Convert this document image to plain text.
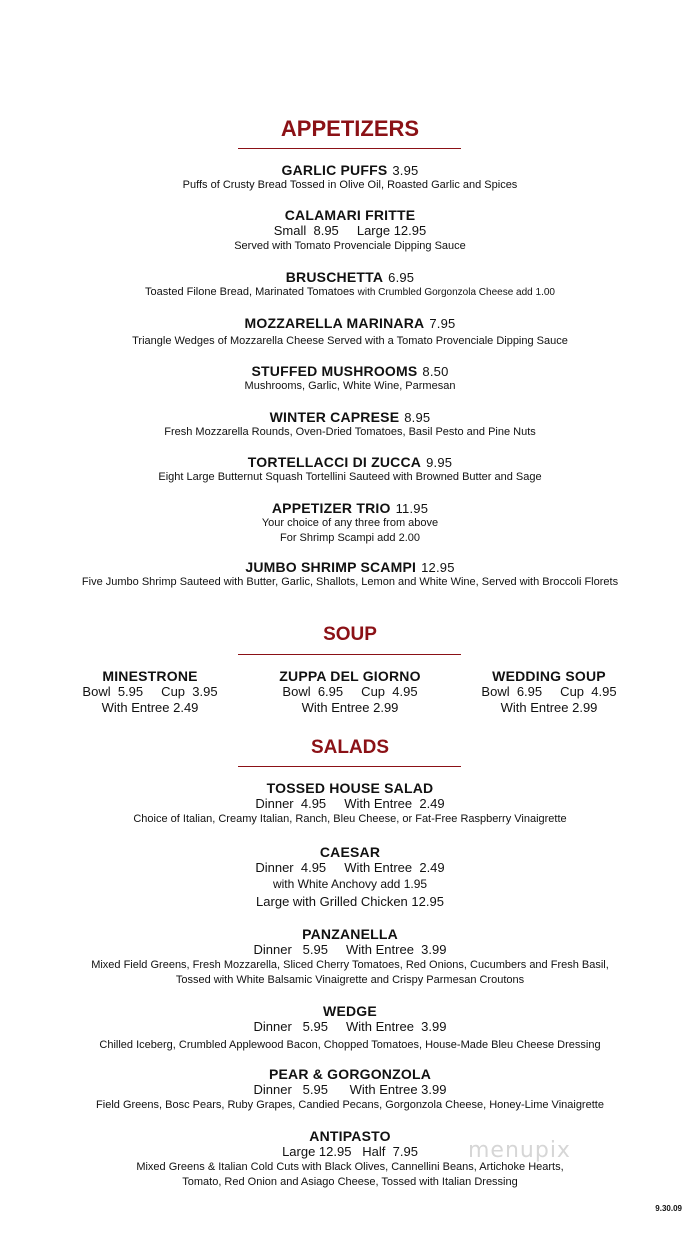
APPETIZERS
GARLIC PUFFS 3.95
Puffs of Crusty Bread Tossed in Olive Oil, Roasted Garlic and Spices
CALAMARI FRITTE
Small  8.95     Large 12.95
Served with Tomato Provenciale Dipping Sauce
BRUSCHETTA 6.95
Toasted Filone Bread, Marinated Tomatoes with Crumbled Gorgonzola Cheese add 1.00
MOZZARELLA MARINARA 7.95
Triangle Wedges of Mozzarella Cheese Served with a Tomato Provenciale Dipping Sauce
STUFFED MUSHROOMS 8.50
Mushrooms, Garlic, White Wine, Parmesan
WINTER CAPRESE 8.95
Fresh Mozzarella Rounds, Oven-Dried Tomatoes, Basil Pesto and Pine Nuts
TORTELLACCI DI ZUCCA 9.95
Eight Large Butternut Squash Tortellini Sauteed with Browned Butter and Sage
APPETIZER TRIO 11.95
Your choice of any three from above
For Shrimp Scampi add 2.00
JUMBO SHRIMP SCAMPI 12.95
Five Jumbo Shrimp Sauteed with Butter, Garlic, Shallots, Lemon and White Wine, Served with Broccoli Florets
SOUP
MINESTRONE
Bowl  5.95     Cup  3.95
With Entree 2.49
ZUPPA DEL GIORNO
Bowl  6.95     Cup  4.95
With Entree 2.99
WEDDING SOUP
Bowl  6.95     Cup  4.95
With Entree 2.99
SALADS
TOSSED HOUSE SALAD
Dinner  4.95     With Entree  2.49
Choice of Italian, Creamy Italian, Ranch, Bleu Cheese, or Fat-Free Raspberry Vinaigrette
CAESAR
Dinner  4.95     With Entree  2.49
with White Anchovy add 1.95
Large with Grilled Chicken 12.95
PANZANELLA
Dinner   5.95     With Entree  3.99
Mixed Field Greens, Fresh Mozzarella, Sliced Cherry Tomatoes, Red Onions, Cucumbers and Fresh Basil,
Tossed with White Balsamic Vinaigrette and Crispy Parmesan Croutons
WEDGE
Dinner   5.95     With Entree  3.99
Chilled Iceberg, Crumbled Applewood Bacon, Chopped Tomatoes, House-Made Bleu Cheese Dressing
PEAR & GORGONZOLA
Dinner   5.95      With Entree 3.99
Field Greens, Bosc Pears, Ruby Grapes, Candied Pecans, Gorgonzola Cheese, Honey-Lime Vinaigrette
ANTIPASTO
Large 12.95   Half  7.95
Mixed Greens & Italian Cold Cuts with Black Olives, Cannellini Beans, Artichoke Hearts,
Tomato, Red Onion and Asiago Cheese, Tossed with Italian Dressing
menupix
9.30.09
